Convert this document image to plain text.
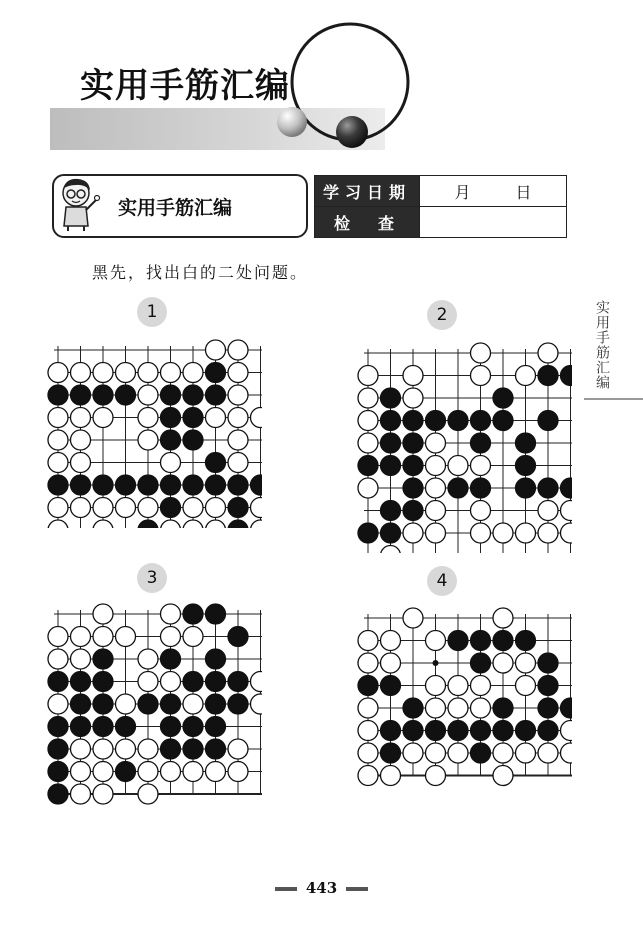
实用手筋汇编
实用手筋汇编
学习日期	月 日
检　查	
黑先，找出白的二处问题。
1	2
3	4
实用手筋汇编
443
